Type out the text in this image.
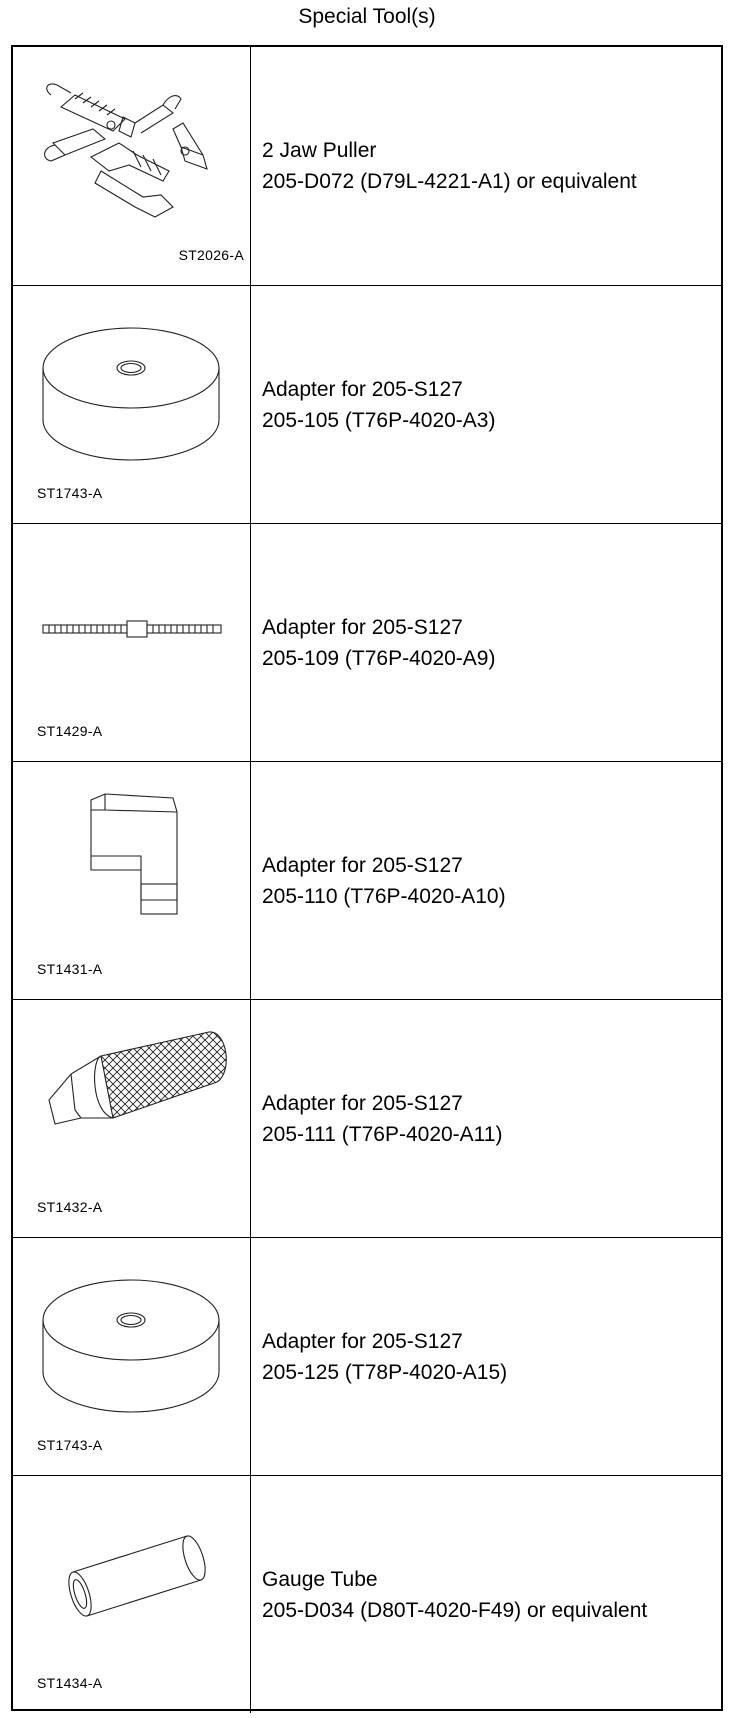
Special Tool(s)
ST2026-A
2 Jaw Puller
205-D072 (D79L-4221-A1) or equivalent
ST1743-A
Adapter for 205-S127
205-105 (T76P-4020-A3)
ST1429-A
Adapter for 205-S127
205-109 (T76P-4020-A9)
ST1431-A
Adapter for 205-S127
205-110 (T76P-4020-A10)
ST1432-A
Adapter for 205-S127
205-111 (T76P-4020-A11)
ST1743-A
Adapter for 205-S127
205-125 (T78P-4020-A15)
ST1434-A
Gauge Tube
205-D034 (D80T-4020-F49) or equivalent
